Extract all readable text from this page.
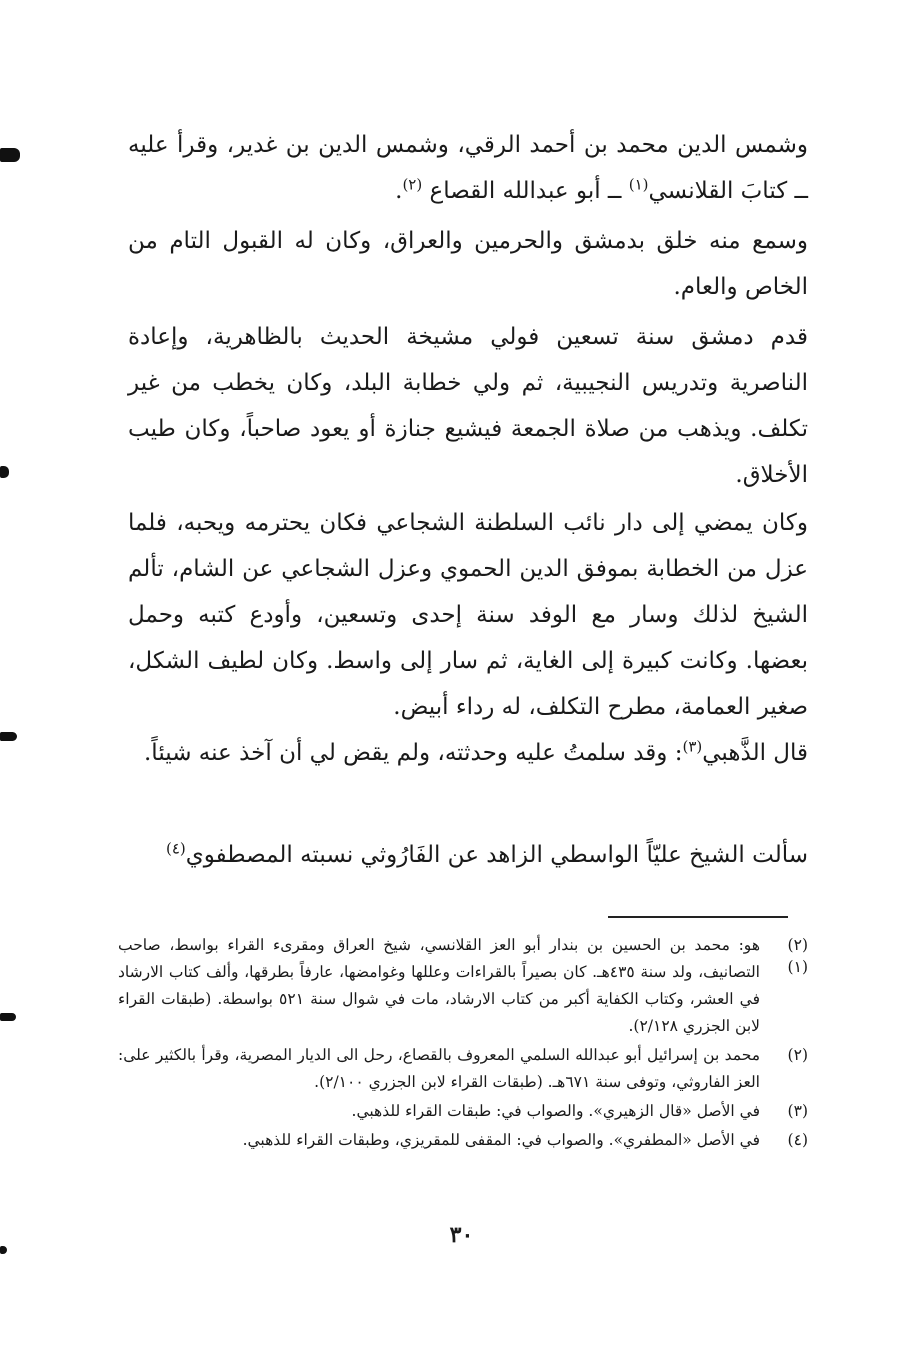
وشمس الدين محمد بن أحمد الرقي، وشمس الدين بن غدير، وقرأ عليه ــ كتابَ القلانسي$^{(١)}$ ــ أبو عبدالله القصاع $^{(٢)}$.

وسمع منه خلق بدمشق والحرمين والعراق، وكان له القبول التام من الخاص والعام.

قدم دمشق سنة تسعين فولي مشيخة الحديث بالظاهرية، وإعادة الناصرية وتدريس النجيبية، ثم ولي خطابة البلد، وكان يخطب من غير تكلف. ويذهب من صلاة الجمعة فيشيع جنازة أو يعود صاحباً، وكان طيب الأخلاق.

وكان يمضي إلى دار نائب السلطنة الشجاعي فكان يحترمه ويحبه، فلما عزل من الخطابة بموفق الدين الحموي وعزل الشجاعي عن الشام، تألم الشيخ لذلك وسار مع الوفد سنة إحدى وتسعين، وأودع كتبه وحمل بعضها. وكانت كبيرة إلى الغاية، ثم سار إلى واسط. وكان لطيف الشكل، صغير العمامة، مطرح التكلف، له رداء أبيض.

قال الذَّهبي$^{(٣)}$: وقد سلمتُ عليه وحدثته، ولم يقض لي أن آخذ عنه شيئاً.

سألت الشيخ عليّاً الواسطي الزاهد عن الفَارُوثي نسبته المصطفوي$^{(٤)}$

(٢)
(١)
هو: محمد بن الحسين بن بندار أبو العز القلانسي، شيخ العراق ومقرىء القراء بواسط، صاحب التصانيف، ولد سنة ٤٣٥هـ. كان بصيراً بالقراءات وعللها وغوامضها، عارفاً بطرقها، وألف كتاب الارشاد في العشر، وكتاب الكفاية أكبر من كتاب الارشاد، مات في شوال سنة ٥٢١ بواسطة. (طبقات القراء لابن الجزري ٢/١٢٨).
(٢)
محمد بن إسرائيل أبو عبدالله السلمي المعروف بالقصاع، رحل الى الديار المصرية، وقرأ بالكثير على: العز الفاروثي، وتوفى سنة ٦٧١هـ. (طبقات القراء لابن الجزري ٢/١٠٠).
(٣)
في الأصل «قال الزهيري». والصواب في: طبقات القراء للذهبي.
(٤)
في الأصل «المطفري». والصواب في: المقفى للمقريزي، وطبقات القراء للذهبي.
٣٠
